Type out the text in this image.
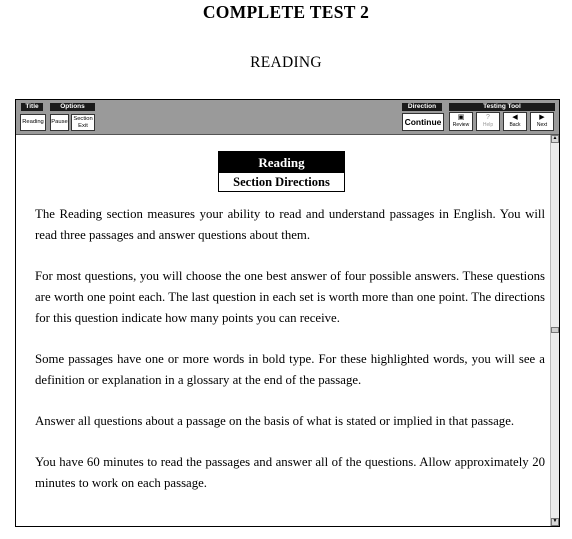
COMPLETE TEST 2
READING
Title
Reading
Options
Pause
Section Exit
Direction
Continue
Testing Tool
▣
Review
?
Help
◀
Back
▶
Next
Reading
Section Directions

The Reading section measures your ability to read and understand passages in English. You will read three passages and answer questions about them.

For most questions, you will choose the one best answer of four possible answers. These questions are worth one point each. The last question in each set is worth more than one point. The directions for this question indicate how many points you can receive.

Some passages have one or more words in bold type. For these highlighted words, you will see a definition or explanation in a glossary at the end of the passage.

Answer all questions about a passage on the basis of what is stated or implied in that passage.

You have 60 minutes to read the passages and answer all of the questions. Allow approximately 20 minutes to work on each passage.

▲
▼
